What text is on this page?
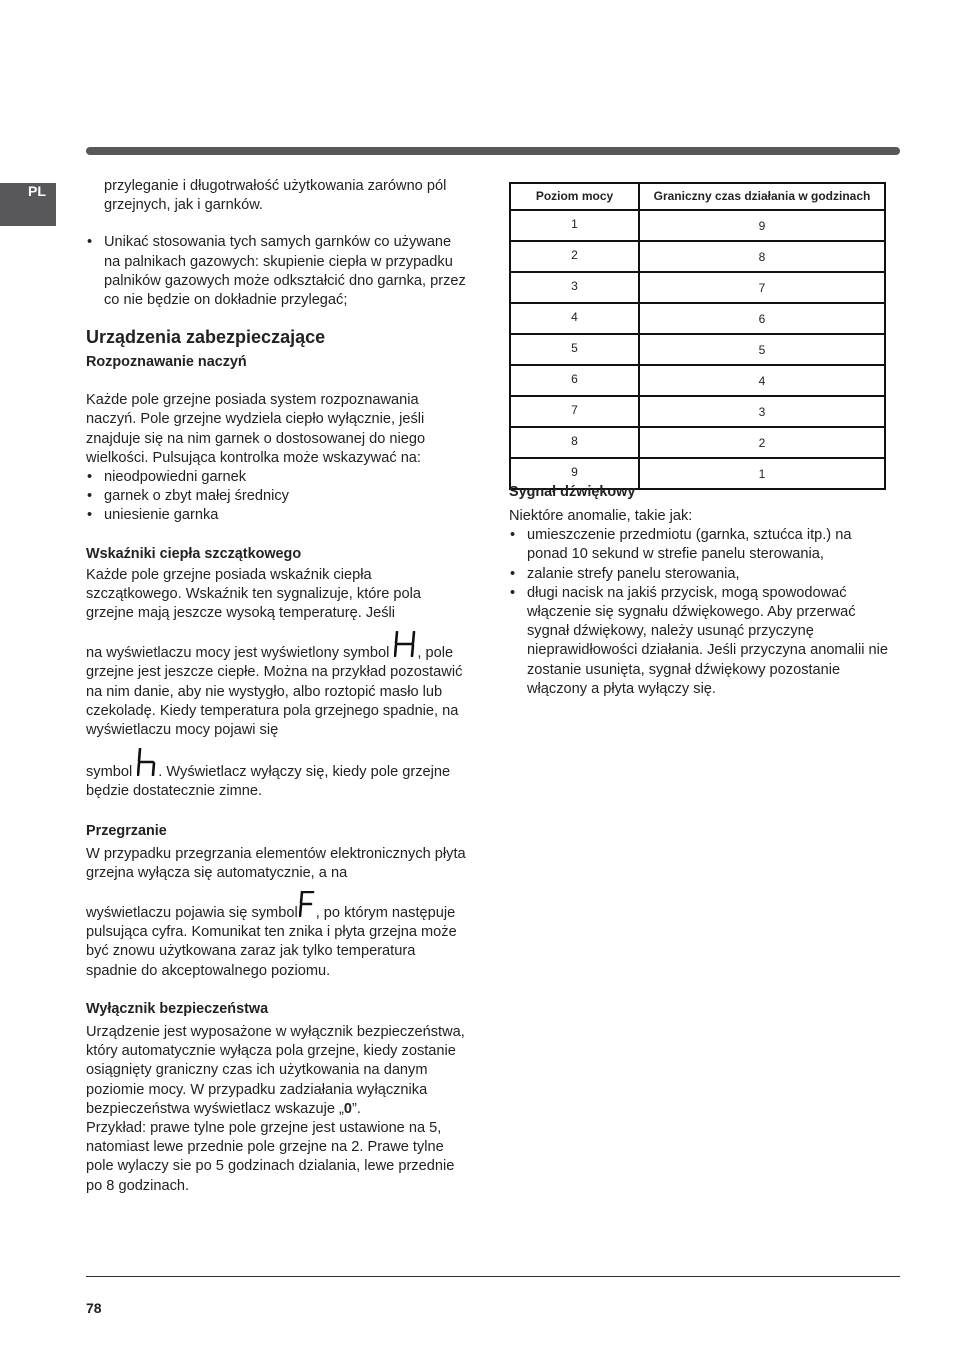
PL	przyleganie i długotrwałość użytkowania zarówno pól grzejnych, jak i garnków.

• Unikać stosowania tych samych garnków co używane na palnikach gazowych: skupienie ciepła w przypadku palników gazowych może odkształcić dno garnka, przez co nie będzie on dokładnie przylegać;
Urządzenia zabezpieczające
Rozpoznawanie naczyń

Każde pole grzejne posiada system rozpoznawania naczyń. Pole grzejne wydziela ciepło wyłącznie, jeśli znajduje się na nim garnek o dostosowanej do niego wielkości. Pulsująca kontrolka może wskazywać na:

• nieodpowiedni garnek
• garnek o zbyt małej średnicy
• uniesienie garnka
Wskaźniki ciepła szczątkowego

Każde pole grzejne posiada wskaźnik ciepła szczątkowego. Wskaźnik ten sygnalizuje, które pola grzejne mają jeszcze wysoką temperaturę. Jeśli

na wyświetlaczu mocy jest wyświetlony symbol , pole grzejne jest jeszcze ciepłe. Można na przykład pozostawić na nim danie, aby nie wystygło, albo roztopić masło lub czekoladę. Kiedy temperatura pola grzejnego spadnie, na wyświetlaczu mocy pojawi się

symbol . Wyświetlacz wyłączy się, kiedy pole grzejne będzie dostatecznie zimne.

Przegrzanie

W przypadku przegrzania elementów elektronicznych płyta grzejna wyłącza się automatycznie, a na

wyświetlaczu pojawia się symbol , po którym następuje pulsująca cyfra. Komunikat ten znika i płyta grzejna może być znowu użytkowana zaraz jak tylko temperatura spadnie do akceptowalnego poziomu.

Wyłącznik bezpieczeństwa

Urządzenie jest wyposażone w wyłącznik bezpieczeństwa, który automatycznie wyłącza pola grzejne, kiedy zostanie osiągnięty graniczny czas ich użytkowania na danym poziomie mocy. W przypadku zadziałania wyłącznika bezpieczeństwa wyświetlacz wskazuje „0”.

Przykład: prawe tylne pole grzejne jest ustawione na 5, natomiast lewe przednie pole grzejne na 2. Prawe tylne pole wylaczy sie po 5 godzinach dzialania, lewe przednie po 8 godzinach.

Poziom mocy	Graniczny czas działania w godzinach
1	9
2	8
3	7
4	6
5	5
6	4
7	3
8	2
9	1
Sygnał dźwiękowy

Niektóre anomalie, takie jak:

• umieszczenie przedmiotu (garnka, sztućca itp.) na ponad 10 sekund w strefie panelu sterowania,
• zalanie strefy panelu sterowania,
• długi nacisk na jakiś przycisk, mogą spowodować włączenie się sygnału dźwiękowego. Aby przerwać sygnał dźwiękowy, należy usunąć przyczynę nieprawidłowości działania. Jeśli przyczyna anomalii nie zostanie usunięta, sygnał dźwiękowy pozostanie włączony a płyta wyłączy się.
78
